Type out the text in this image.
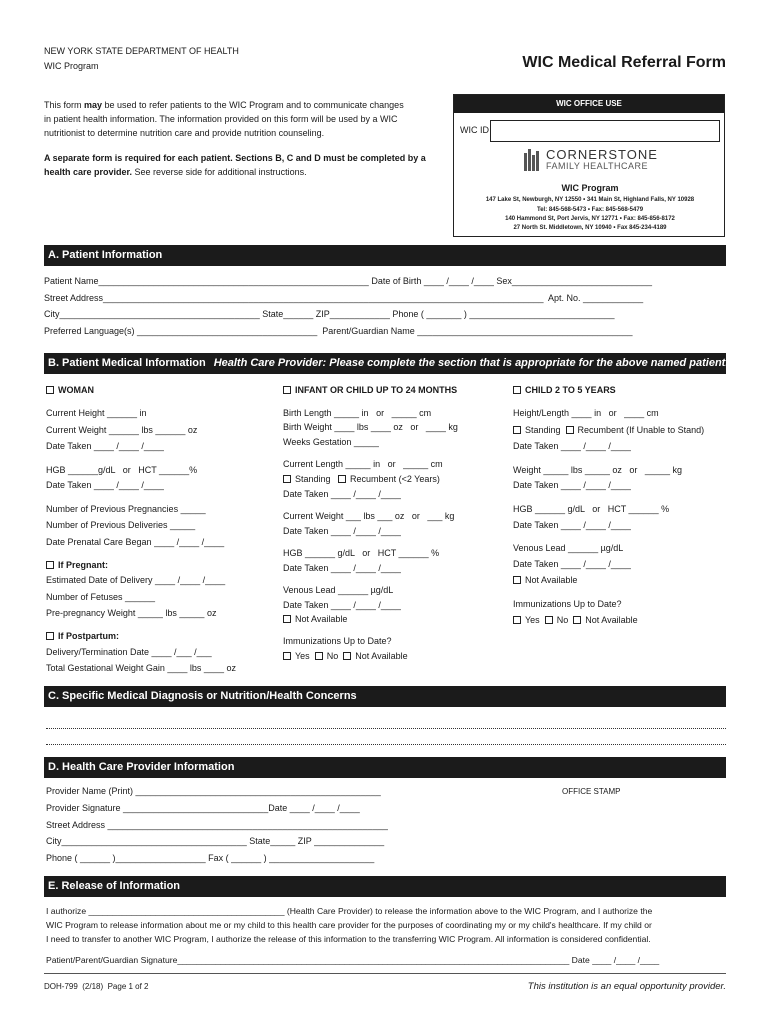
NEW YORK STATE DEPARTMENT OF HEALTH
WIC Program	WIC Medical Referral Form
This form may be used to refer patients to the WIC Program and to communicate changes
in patient health information. The information provided on this form will be used by a WIC
nutritionist to determine nutrition care and provide nutrition counseling.
A separate form is required for each patient. Sections B, C and D must be completed by a
health care provider. See reverse side for additional instructions.
WIC OFFICE USE
WIC ID
CORNERSTONE
FAMILY HEALTHCARE
WIC Program
147 Lake St, Newburgh, NY 12550 • 341 Main St, Highland Falls, NY 10928
Tel: 845-568-5473 • Fax: 845-568-5479
140 Hammond St, Port Jervis, NY 12771 • Fax: 845-856-8172
27 North St. Middletown, NY 10940 • Fax 845-234-4189
A. Patient Information
Patient Name______________________________________________________ Date of Birth ____ /____ /____ Sex____________________________
Street Address________________________________________________________________________________________  Apt. No. ____________
City________________________________________ State______ ZIP____________ Phone ( _______ ) _____________________________
Preferred Language(s) ____________________________________  Parent/Guardian Name ___________________________________________
B. Patient Medical Information Health Care Provider: Please complete the section that is appropriate for the above named patient.
WOMAN
Current Height ______ in
Current Weight ______ lbs ______ oz
Date Taken ____ /____ /____
HGB ______g/dL   or   HCT ______%
Date Taken ____ /____ /____
Number of Previous Pregnancies _____
Number of Previous Deliveries _____
Date Prenatal Care Began ____ /____ /____
If Pregnant:
Estimated Date of Delivery ____ /____ /____
Number of Fetuses ______
Pre-pregnancy Weight _____ lbs _____ oz
If Postpartum:
Delivery/Termination Date ____ /___ /___
Total Gestational Weight Gain ____ lbs ____ oz
INFANT OR CHILD UP TO 24 MONTHS
Birth Length _____ in   or   _____ cm
Birth Weight ____ lbs ____ oz   or   ____ kg
Weeks Gestation _____
Current Length _____ in   or   _____ cm
Standing Recumbent (<2 Years)
Date Taken ____ /____ /____
Current Weight ___ lbs ___ oz   or   ___ kg
Date Taken ____ /____ /____
HGB ______ g/dL   or   HCT ______ %
Date Taken ____ /____ /____
Venous Lead ______ µg/dL
Date Taken ____ /____ /____
Not Available
Immunizations Up to Date?
Yes No Not Available
CHILD 2 TO 5 YEARS
Height/Length ____ in   or   ____ cm
Standing Recumbent (If Unable to Stand)
Date Taken ____ /____ /____
Weight _____ lbs _____ oz   or   _____ kg
Date Taken ____ /____ /____
HGB ______ g/dL   or   HCT ______ %
Date Taken ____ /____ /____
Venous Lead ______ µg/dL
Date Taken ____ /____ /____
Not Available
Immunizations Up to Date?
Yes No Not Available
C. Specific Medical Diagnosis or Nutrition/Health Concerns
D. Health Care Provider Information
Provider Name (Print) _________________________________________________
Provider Signature _____________________________Date ____ /____ /____
Street Address ________________________________________________________
City_____________________________________ State_____ ZIP ______________
Phone ( ______ )__________________ Fax ( ______ ) _____________________
OFFICE STAMP
E. Release of Information
I authorize _________________________________________ (Health Care Provider) to release the information above to the WIC Program, and I authorize the
WIC Program to release information about me or my child to this health care provider for the purposes of coordinating my or my child's healthcare. If my child or
I need to transfer to another WIC Program, I authorize the release of this information to the transferring WIC Program. All information is considered confidential.
Patient/Parent/Guardian Signature__________________________________________________________________________________ Date ____ /____ /____
DOH-799  (2/18)  Page 1 of 2	This institution is an equal opportunity provider.
